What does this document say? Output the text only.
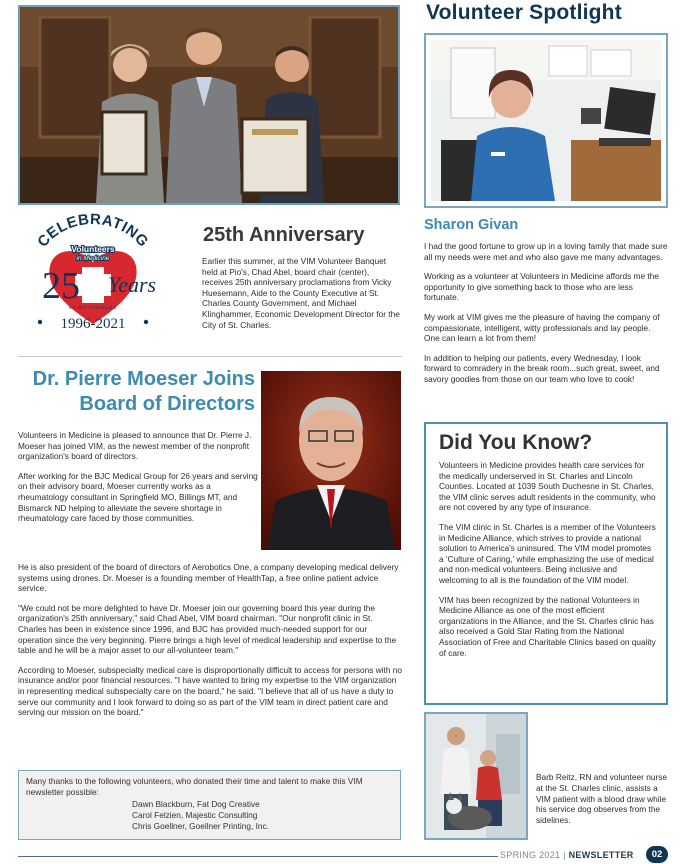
Volunteer Spotlight
Sharon Givan

I had the good fortune to grow up in a loving family that made sure all my needs were met and who also gave me many advantages.

Working as a volunteer at Volunteers in Medicine affords me the opportunity to give something back to those who are less fortunate.

My work at VIM gives me the pleasure of having the company of compassionate, intelligent, witty professionals and lay people. One can learn a lot from them!

In addition to helping our patients, every Wednesday, I look forward to comradery in the break room...such great, sweet, and savory goodies from those on our team who love to cook!

CELEBRATING
Volunteers
in Medicine
25 Years
SAINT CHARLES
1996-2021
25th Anniversary
Earlier this summer, at the VIM Volunteer Banquet held at Pio's, Chad Abel, board chair (center), receives 25th anniversary proclamations from Vicky Huesemann, Aide to the County Executive at St. Charles County Government, and Michael Klinghammer, Economic Development Director for the City of St. Charles.
Dr. Pierre Moeser Joins
Board of Directors

Volunteers in Medicine is pleased to announce that Dr. Pierre J. Moeser has joined VIM, as the newest member of the nonprofit organization's board of directors.

After working for the BJC Medical Group for 26 years and serving on their advisory board, Moeser currently works as a rheumatology consultant in Springfield MO, Billings MT, and Bismarck ND helping to alleviate the severe shortage in rheumatology care faced by those communities.

He is also president of the board of directors of Aerobotics One, a company developing medical delivery systems using drones. Dr. Moeser is a founding member of HealthTap, a free online patient advice service.

"We could not be more delighted to have Dr. Moeser join our governing board this year during the organization's 25th anniversary," said Chad Abel, VIM board chairman. "Our nonprofit clinic in St. Charles has been in existence since 1996, and BJC has provided much-needed support for our operation since the very beginning. Pierre brings a high level of medical leadership and expertise to the table and he will be a major asset to our all-volunteer team."

According to Moeser, subspecialty medical care is disproportionally difficult to access for persons with no insurance and/or poor financial resources. "I have wanted to bring my expertise to the VIM organization in representing medical subspecialty care on the board," he said. "I believe that all of us have a duty to serve our community and I look forward to doing so as part of the VIM team in direct patient care and serving our mission on the board."

Many thanks to the following volunteers, who donated their time and talent to make this VIM newsletter possible:
Dawn Blackburn, Fat Dog Creative
Carol Felzien, Majestic Consulting
Chris Goellner, Goellner Printing, Inc.
Did You Know?

Volunteers in Medicine provides health care services for the medically underserved in St. Charles and Lincoln Counties. Located at 1039 South Duchesne in St. Charles, the VIM clinic serves adult residents in the community, who are not covered by any type of insurance.

The VIM clinic in St. Charles is a member of the Volunteers in Medicine Alliance, which strives to provide a national solution to America's uninsured. The VIM model promotes a 'Culture of Caring,' while emphasizing the use of medical and non-medical volunteers. Being inclusive and welcoming to all is the foundation of the VIM model.

VIM has been recognized by the national Volunteers in Medicine Alliance as one of the most efficient organizations in the Alliance, and the St. Charles clinic has also received a Gold Star Rating from the National Association of Free and Charitable Clinics based on quality of care.

Barb Reitz, RN and volunteer nurse at the St. Charles clinic, assists a VIM patient with a blood draw while his service dog observes from the sidelines.
SPRING 2021 | NEWSLETTER	02
